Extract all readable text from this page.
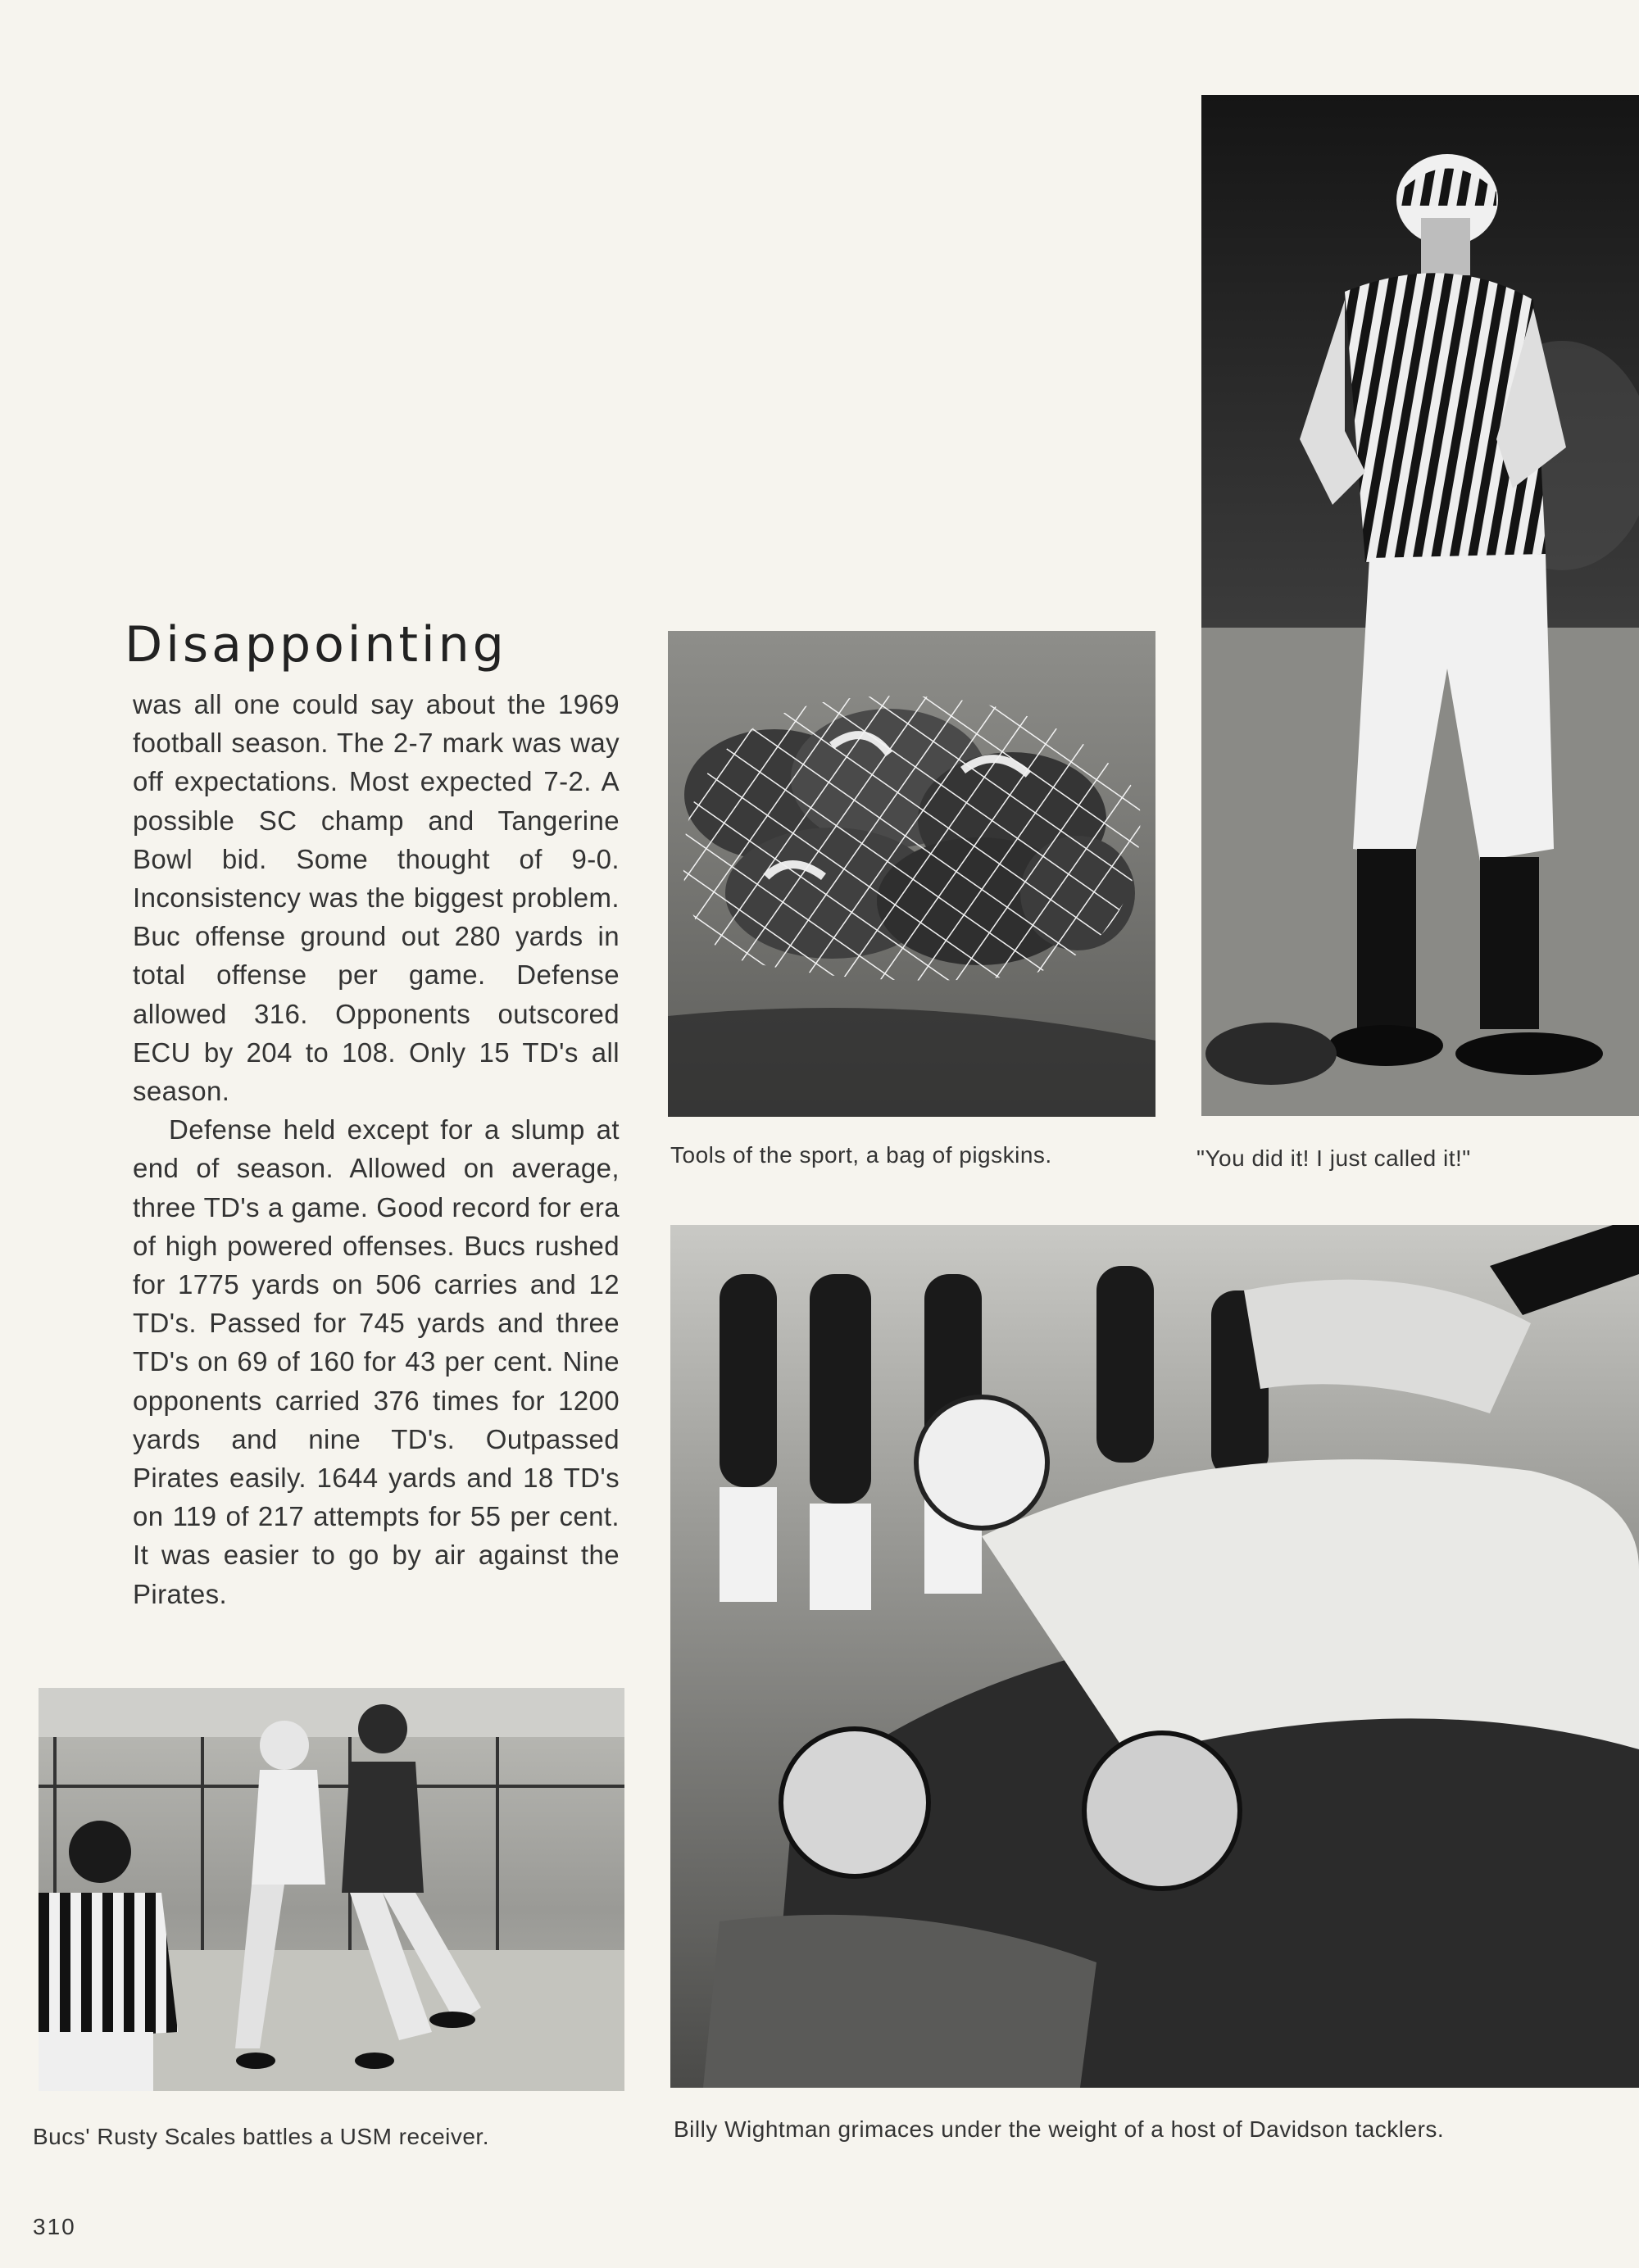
Disappointing

was all one could say about the 1969 football season. The 2-7 mark was way off expectations. Most expected 7-2. A possible SC champ and Tangerine Bowl bid. Some thought of 9-0. Inconsistency was the biggest problem. Buc offense ground out 280 yards in total offense per game. Defense allowed 316. Opponents outscored ECU by 204 to 108. Only 15 TD's all season.

Defense held except for a slump at end of season. Allowed on average, three TD's a game. Good record for era of high powered offenses. Bucs rushed for 1775 yards on 506 carries and 12 TD's. Passed for 745 yards and three TD's on 69 of 160 for 43 per cent. Nine opponents carried 376 times for 1200 yards and nine TD's. Outpassed Pirates easily. 1644 yards and 18 TD's on 119 of 217 attempts for 55 per cent. It was easier to go by air against the Pirates.

Tools of the sport, a bag of pigskins.	"You did it! I just called it!"
Bucs' Rusty Scales battles a USM receiver.	Billy Wightman grimaces under the weight of a host of Davidson tacklers.
310
